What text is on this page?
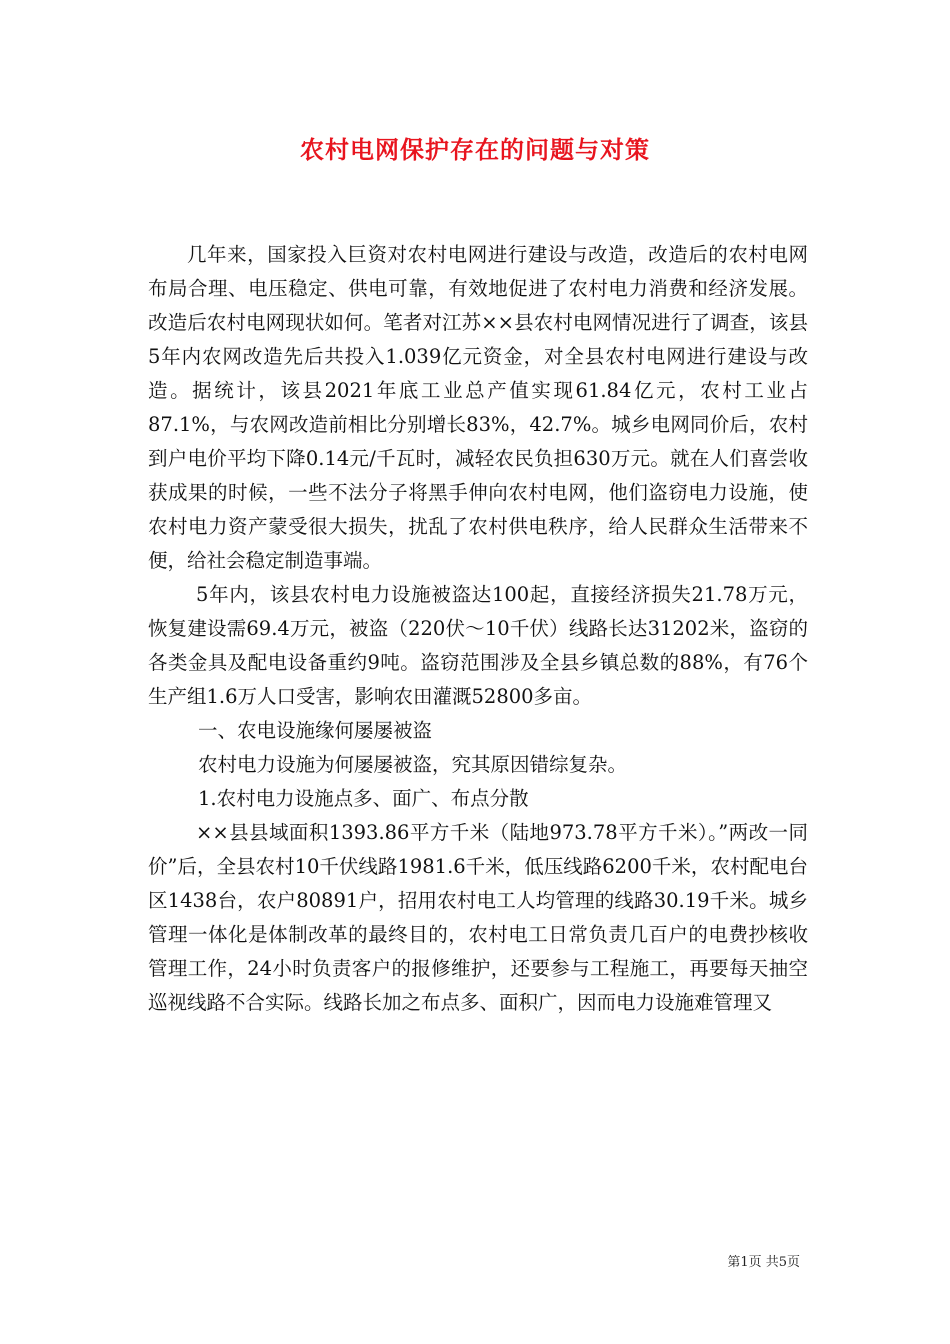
农村电网保护存在的问题与对策

几年来，国家投入巨资对农村电网进行建设与改造，改造后的农村电网布局合理、电压稳定、供电可靠，有效地促进了农村电力消费和经济发展。改造后农村电网现状如何。笔者对江苏××县农村电网情况进行了调查，该县5年内农网改造先后共投入1.039亿元资金，对全县农村电网进行建设与改造。据统计，该县2021年底工业总产值实现61.84亿元，农村工业占87.1%，与农网改造前相比分别增长83%，42.7%。城乡电网同价后，农村到户电价平均下降0.14元/千瓦时，减轻农民负担630万元。就在人们喜尝收获成果的时候，一些不法分子将黑手伸向农村电网，他们盗窃电力设施，使农村电力资产蒙受很大损失，扰乱了农村供电秩序，给人民群众生活带来不便，给社会稳定制造事端。

5年内，该县农村电力设施被盗达100起，直接经济损失21.78万元，恢复建设需69.4万元，被盗（220伏～10千伏）线路长达31202米，盗窃的各类金具及配电设备重约9吨。盗窃范围涉及全县乡镇总数的88%，有76个生产组1.6万人口受害，影响农田灌溉52800多亩。

一、农电设施缘何屡屡被盗

农村电力设施为何屡屡被盗，究其原因错综复杂。

1.农村电力设施点多、面广、布点分散

××县县域面积1393.86平方千米（陆地973.78平方千米）。”两改一同价”后，全县农村10千伏线路1981.6千米，低压线路6200千米，农村配电台区1438台，农户80891户，招用农村电工人均管理的线路30.19千米。城乡管理一体化是体制改革的最终目的，农村电工日常负责几百户的电费抄核收管理工作，24小时负责客户的报修维护，还要参与工程施工，再要每天抽空巡视线路不合实际。线路长加之布点多、面积广，因而电力设施难管理又

第1页 共5页
